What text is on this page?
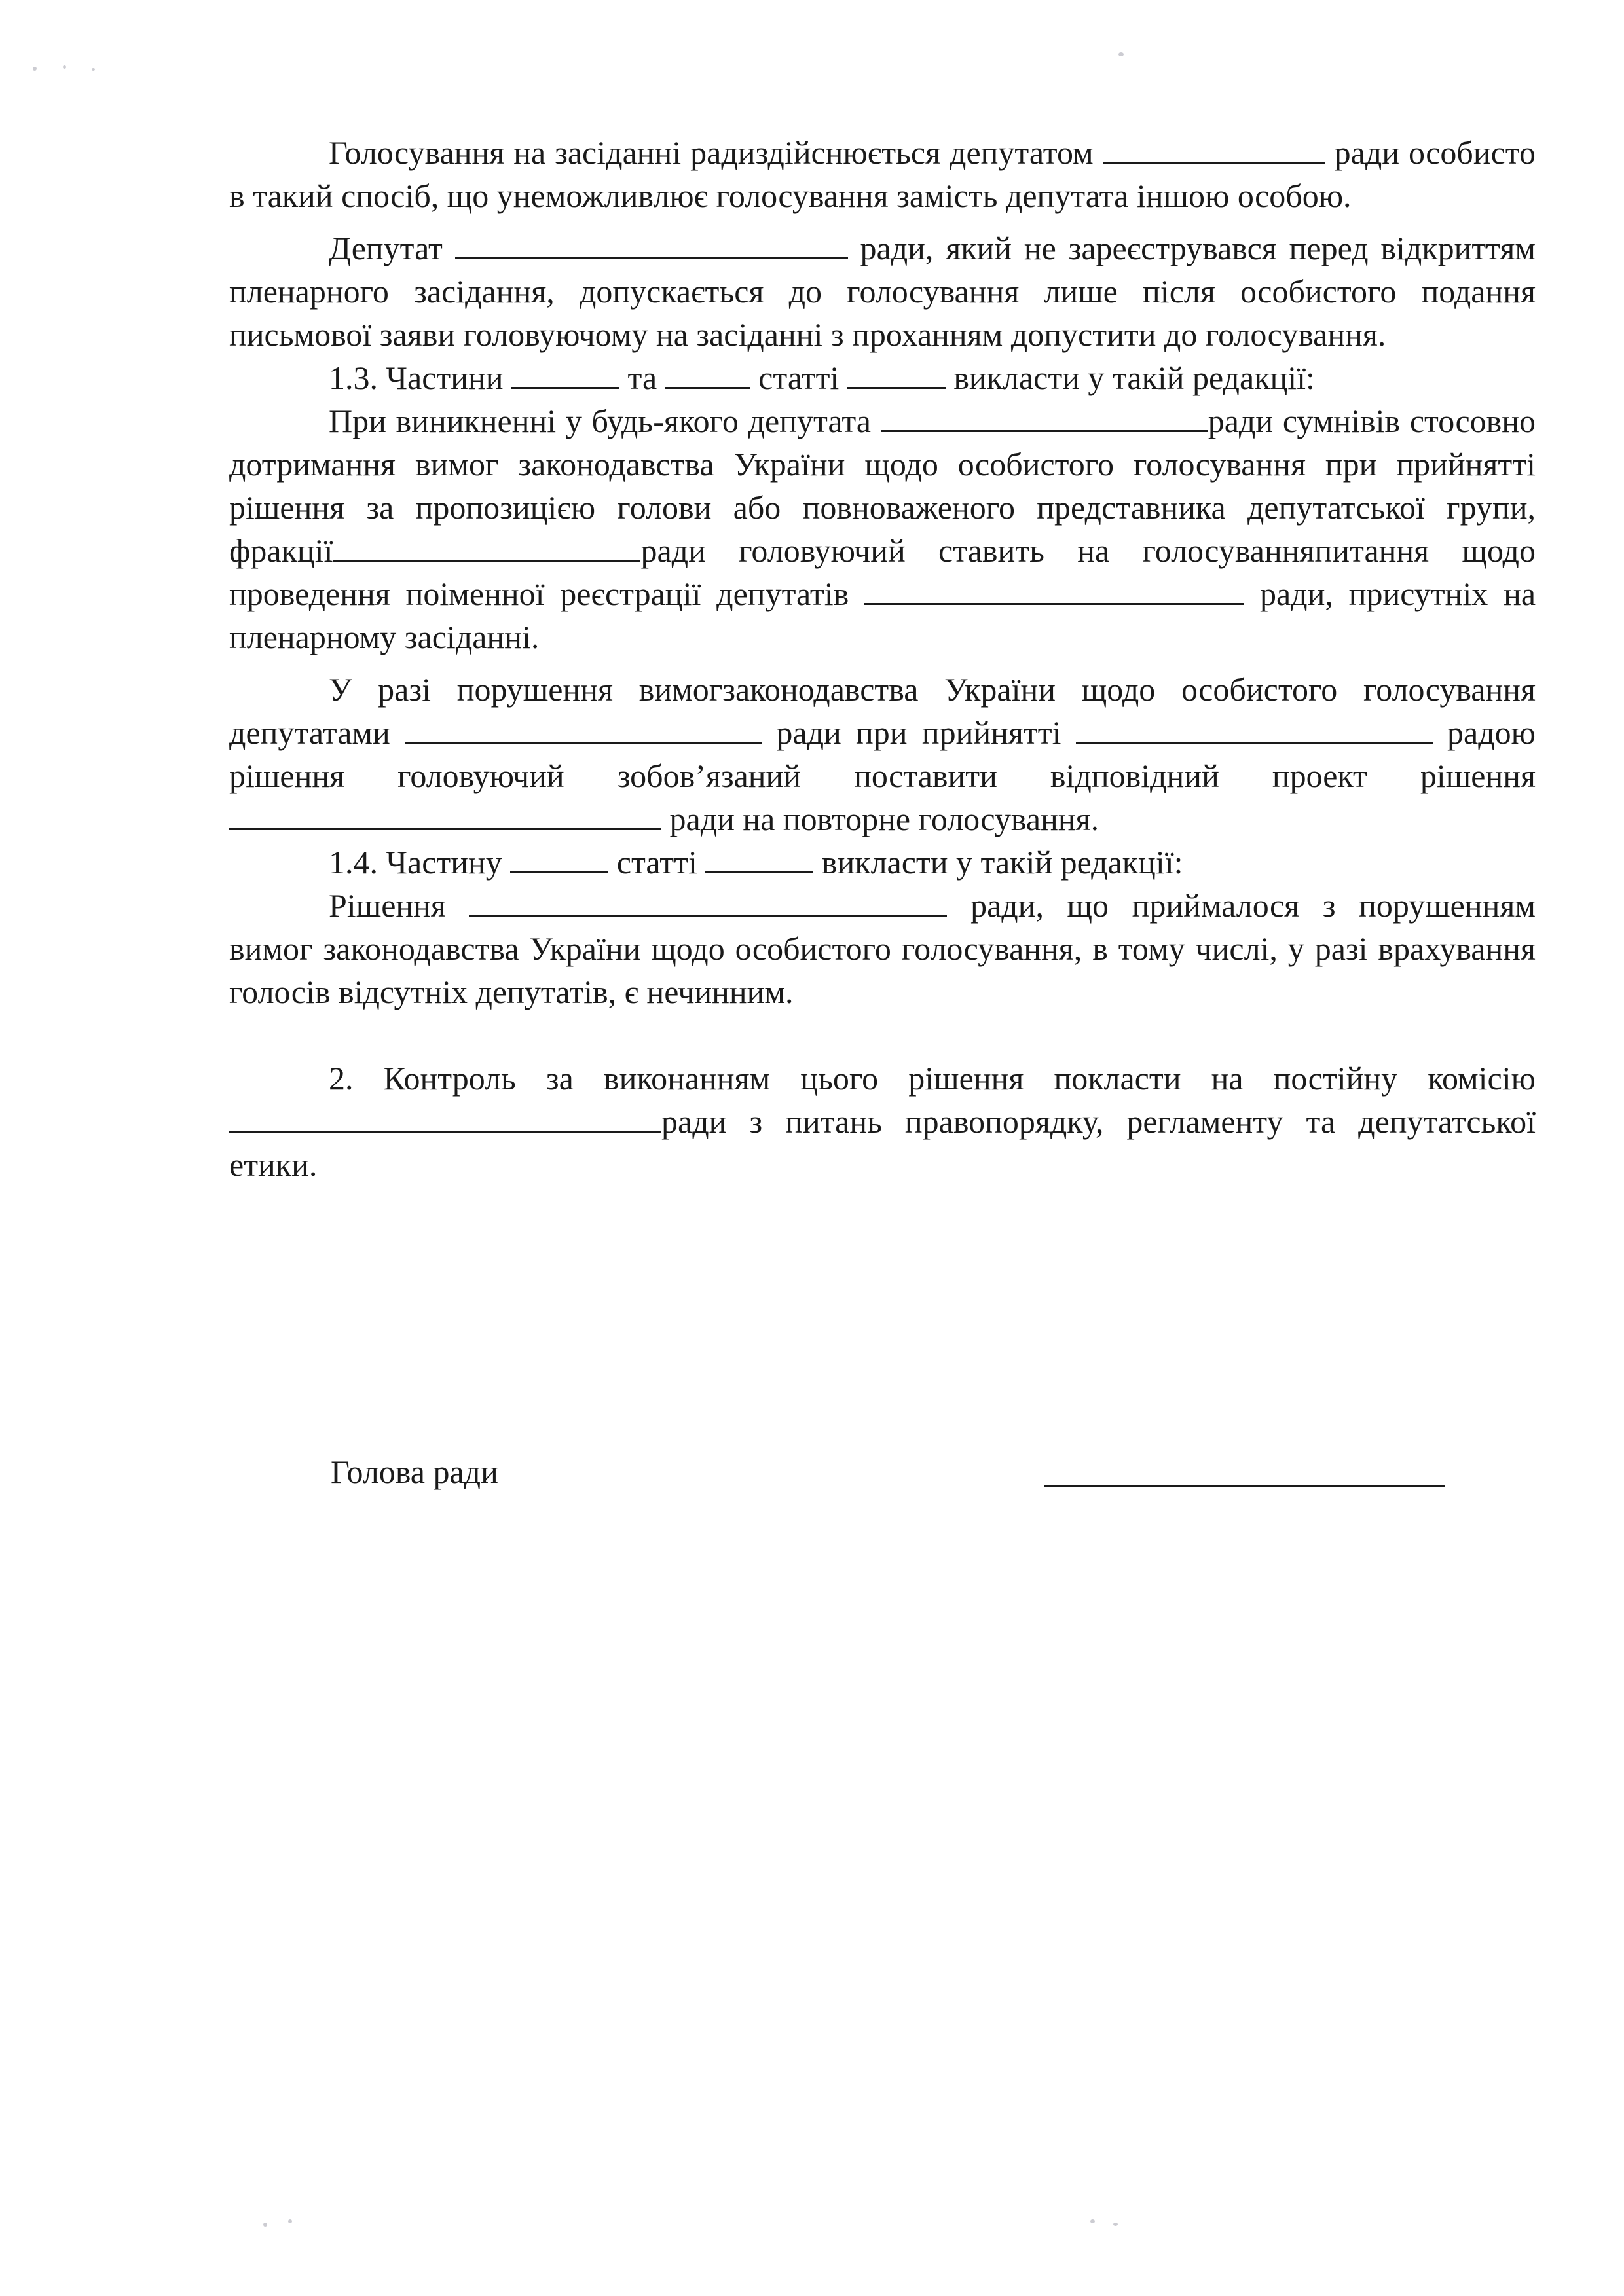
Голосування на засіданні радиздійснюється депутатом	ради особисто в такий спосіб, що унеможливлює голосування замість депутата іншою особою.

Депутат	ради, який не зареєструвався перед відкриттям пленарного засідання, допускається до голосування лише після особистого подання письмової заяви головуючому на засіданні з проханням допустити до голосування.

1.3. Частини	та	статті	викласти у такій редакції:

При виникненні у будь-якого депутата	ради сумнівів стосовно дотримання вимог законодавства України щодо особистого голосування при прийнятті рішення за пропозицією голови або повноваженого представника депутатської групи, фракції	ради головуючий ставить на голосуванняпитання щодо проведення поіменної реєстрації депутатів	ради, присутніх на пленарному засіданні.

У разі порушення вимогзаконодавства України щодо особистого голосування депутатами	ради при прийнятті	радою рішення головуючий зобов’язаний поставити відповідний проект рішення  ради на повторне голосування.

1.4. Частину	статті	викласти у такій редакції:

Рішення	ради, що приймалося з порушенням вимог законодавства України щодо особистого голосування, в тому числі, у разі врахування голосів відсутніх депутатів, є нечинним.

2. Контроль за виконанням цього рішення покласти на постійну комісію ради з питань правопорядку, регламенту та депутатської етики.

Голова ради
